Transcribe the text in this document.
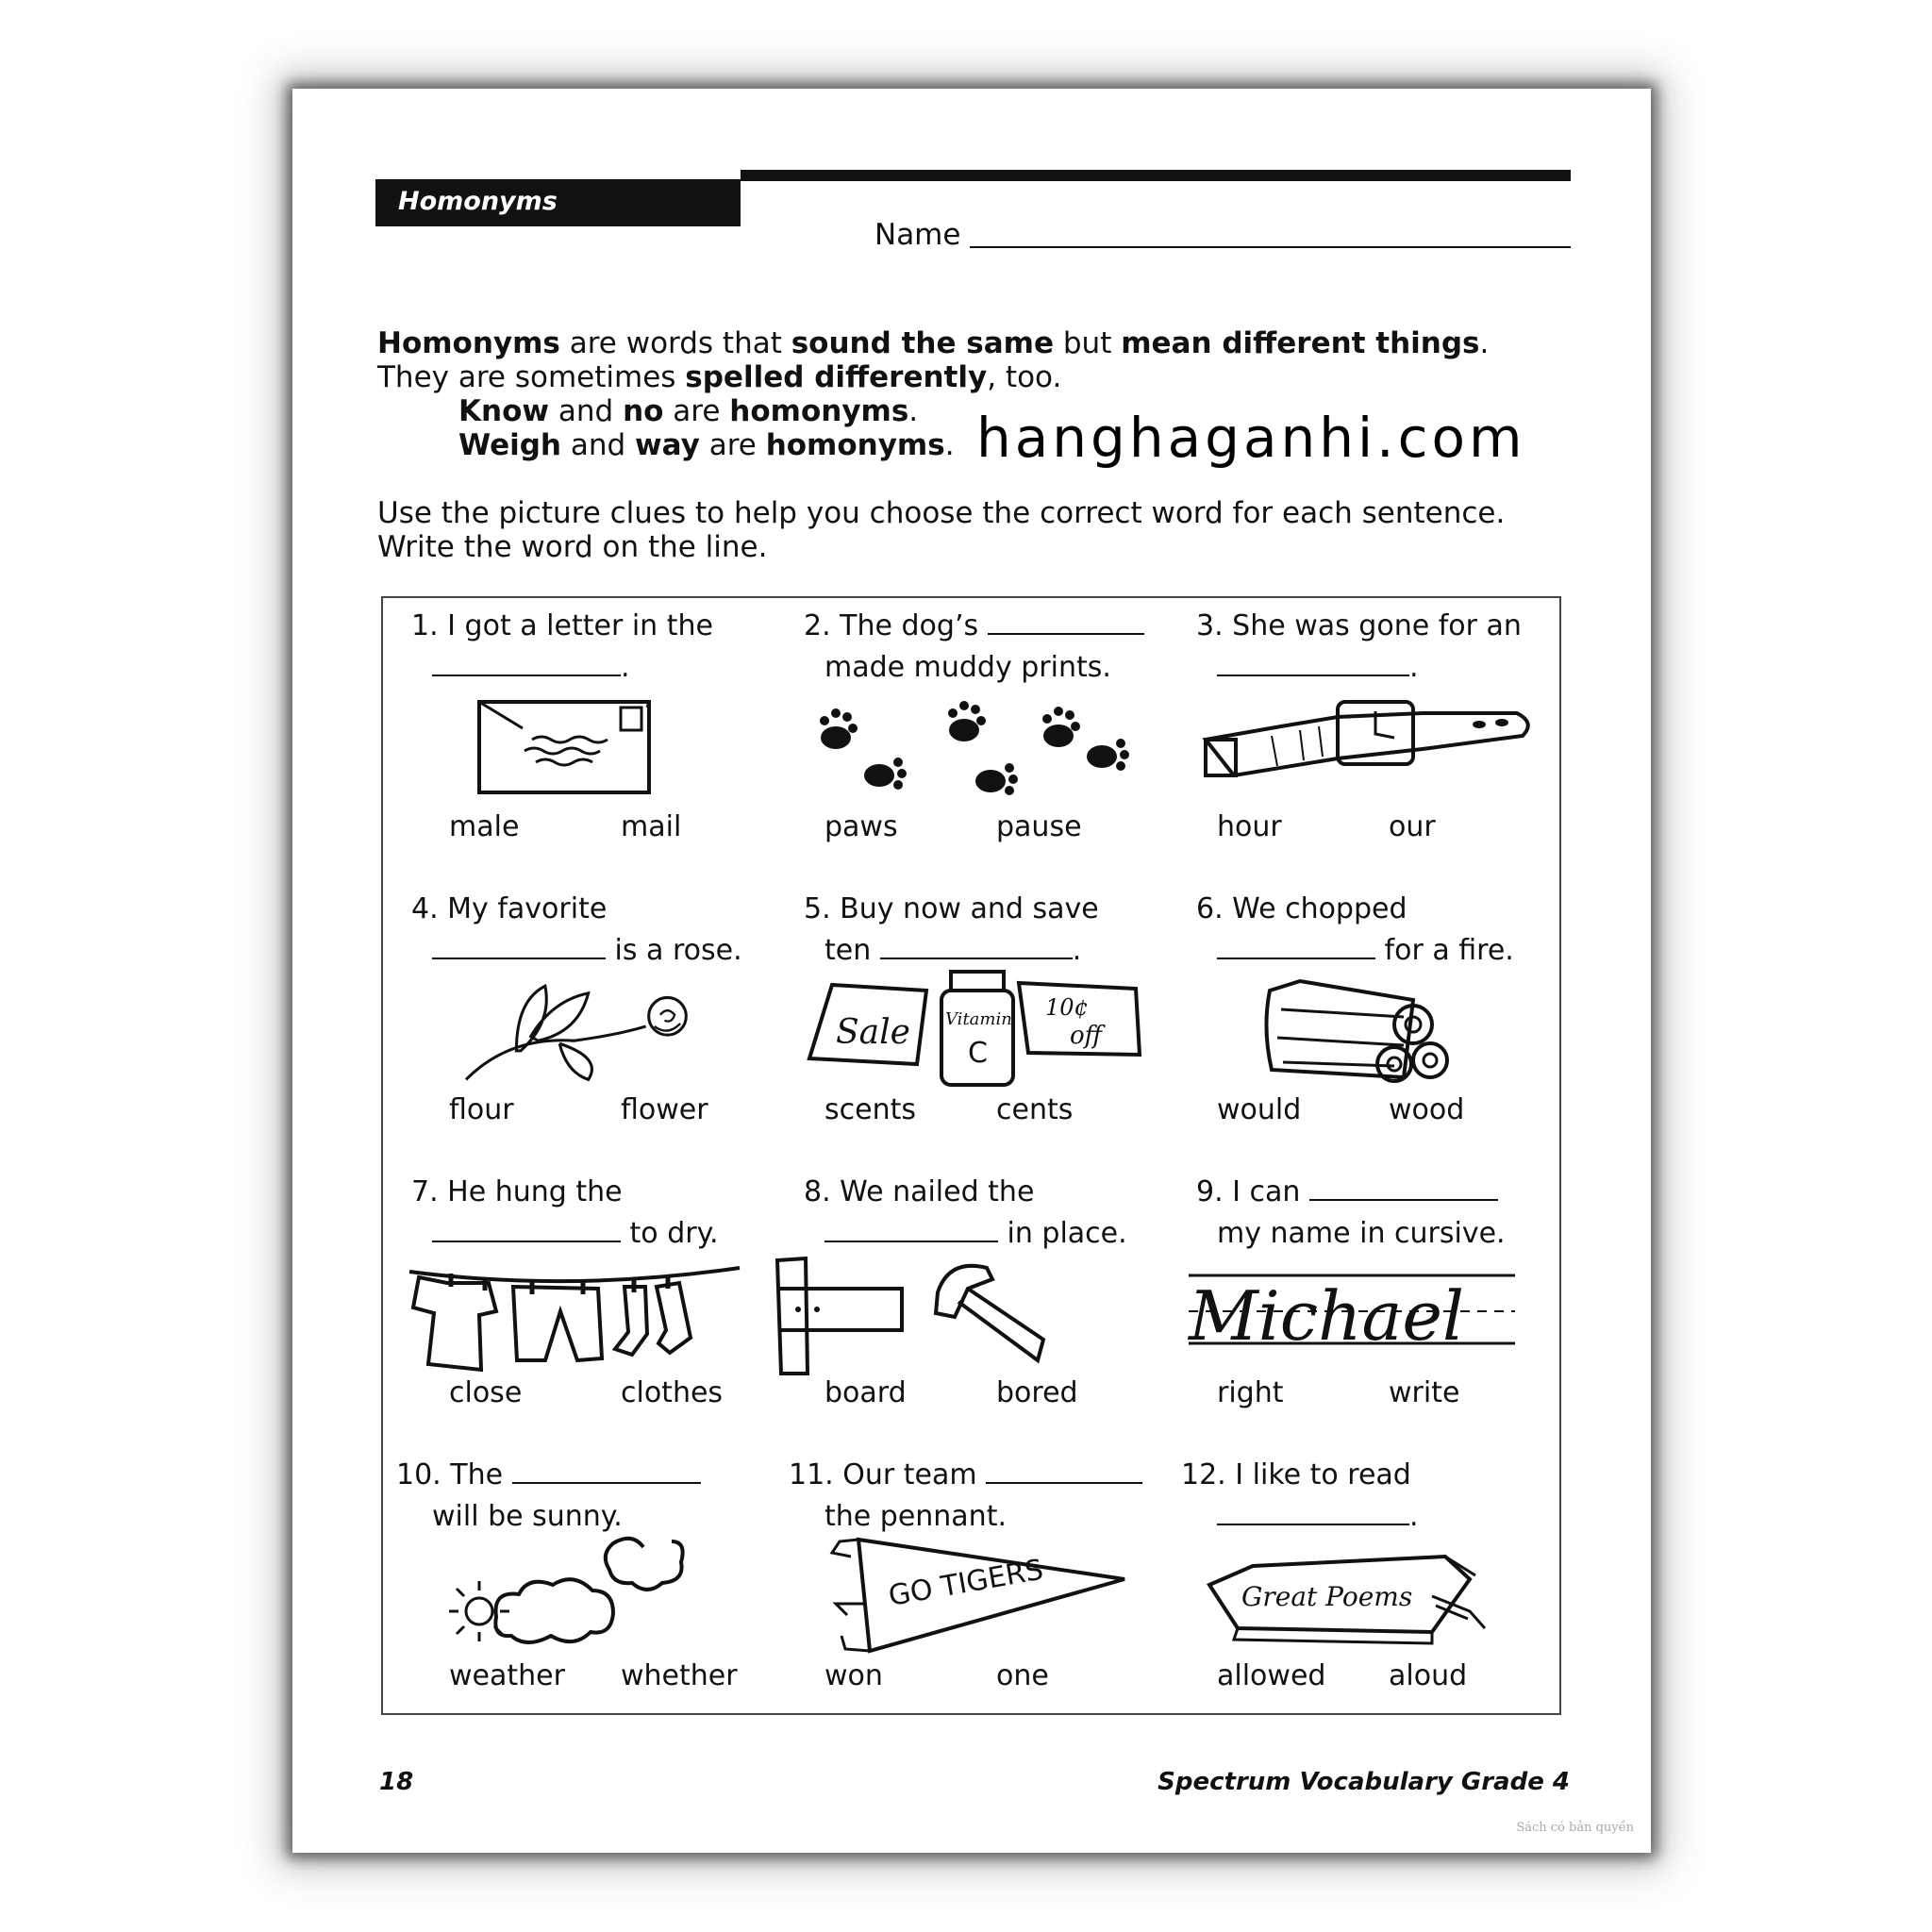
Homonyms
Name
Homonyms are words that sound the same but mean different things.
They are sometimes spelled differently, too.
Know and no are homonyms.
Weigh and way are homonyms. hanghaganhi.com
Use the picture clues to help you choose the correct word for each sentence.
Write the word on the line.
1. I got a letter in the
.
male	mail
2. The dog’s
made muddy prints.
paws	pause
3. She was gone for an
.
hour	our
4. My favorite
is a rose.
flour	flower
5. Buy now and save
ten	.
Sale Vitamin
C
10¢
off
scents	cents
6. We chopped
for a fire.
would	wood
7. He hung the
to dry.
close	clothes
8. We nailed the
in place.
board	bored
9. I can
my name in cursive.
Michael
right	write
10. The
will be sunny.
weather whether
11. Our team
the pennant.
GO TIGERS
won	one
12. I like to read
.
Great Poems
allowed aloud
18	Spectrum Vocabulary Grade 4
Sách có bản quyền
